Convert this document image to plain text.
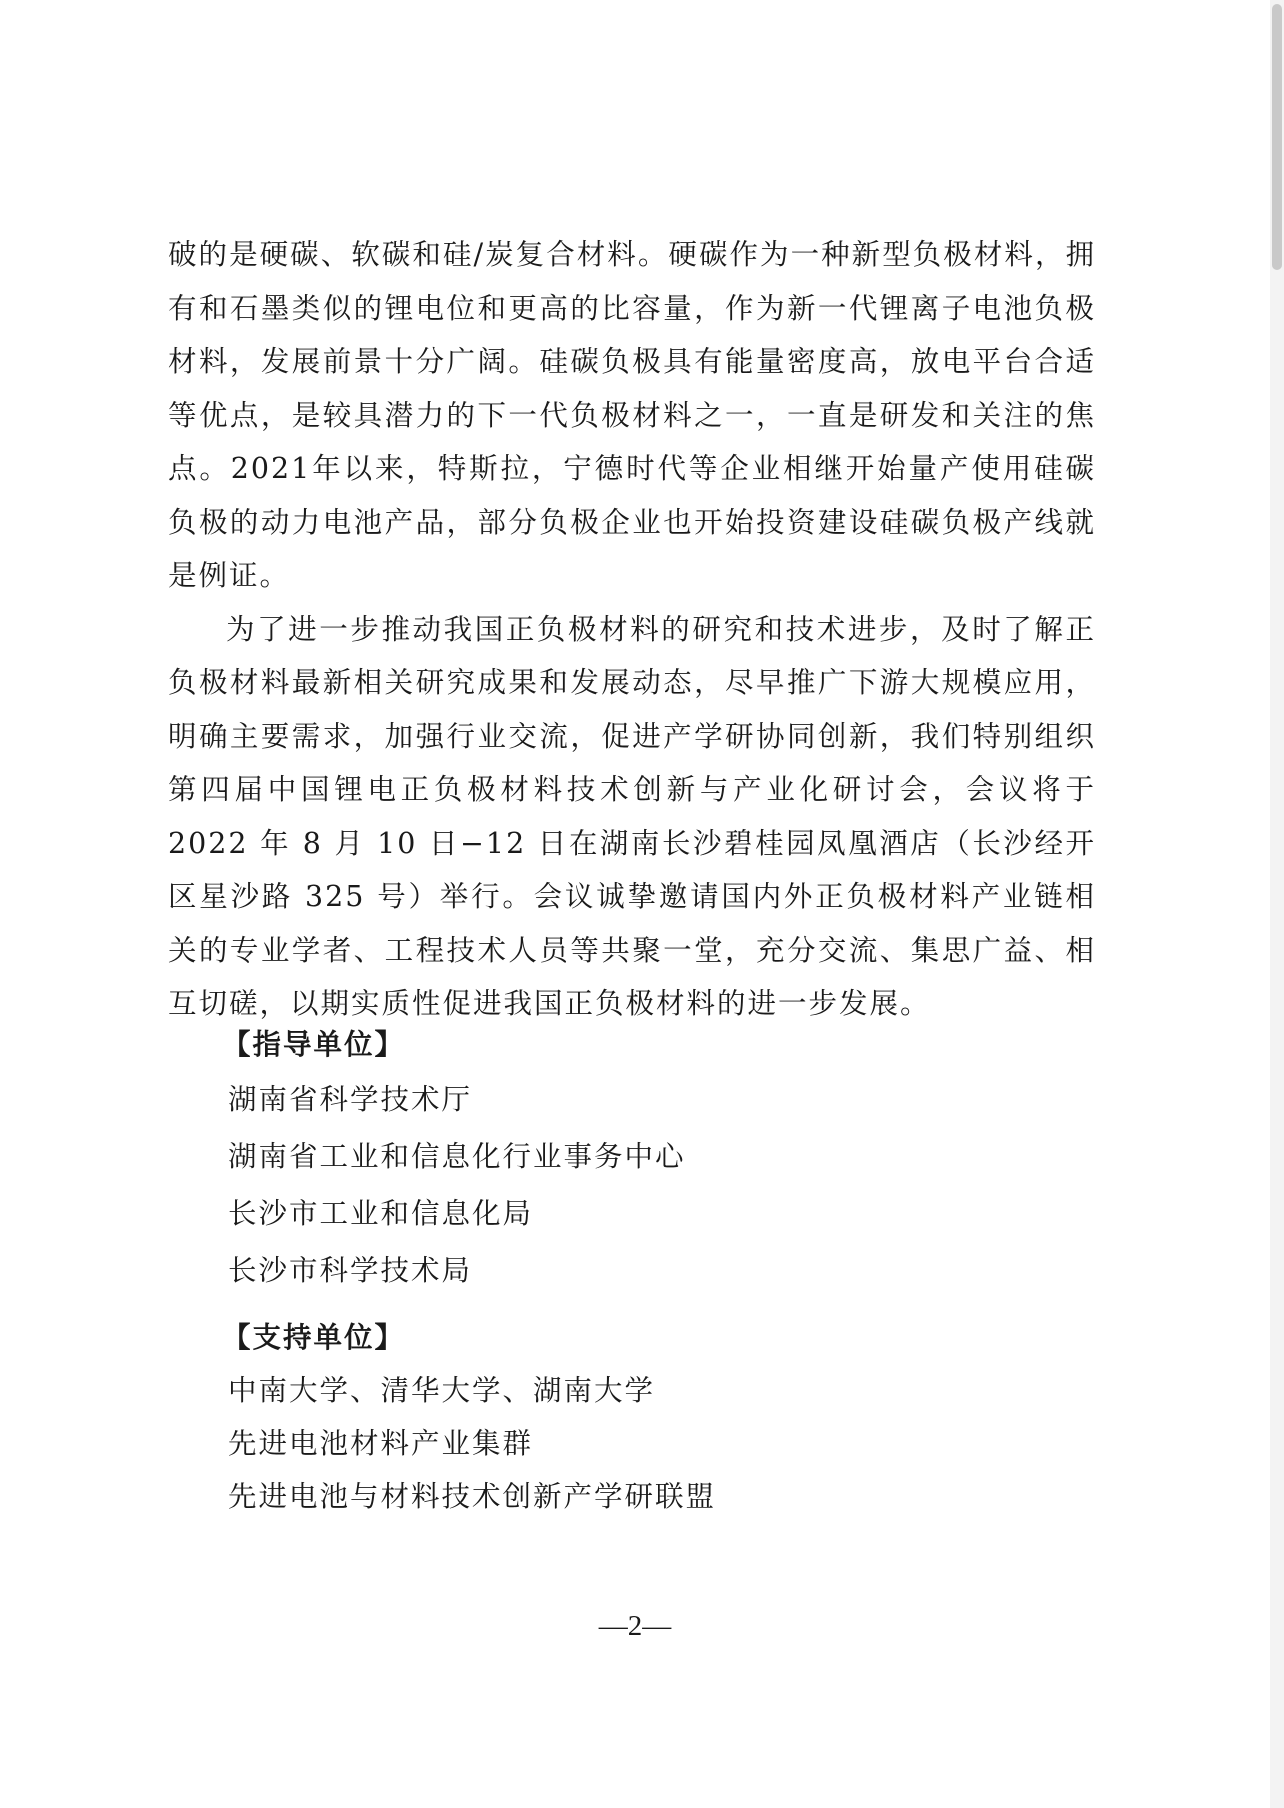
破的是硬碳、软碳和硅/炭复合材料。硬碳作为一种新型负极材料，拥有和石墨类似的锂电位和更高的比容量，作为新一代锂离子电池负极材料，发展前景十分广阔。硅碳负极具有能量密度高，放电平台合适等优点，是较具潜力的下一代负极材料之一，一直是研发和关注的焦点。2021年以来，特斯拉，宁德时代等企业相继开始量产使用硅碳负极的动力电池产品，部分负极企业也开始投资建设硅碳负极产线就是例证。

为了进一步推动我国正负极材料的研究和技术进步，及时了解正负极材料最新相关研究成果和发展动态，尽早推广下游大规模应用，明确主要需求，加强行业交流，促进产学研协同创新，我们特别组织第四届中国锂电正负极材料技术创新与产业化研讨会，会议将于 2022 年 8 月 10 日−12 日在湖南长沙碧桂园凤凰酒店（长沙经开区星沙路 325 号）举行。会议诚挚邀请国内外正负极材料产业链相关的专业学者、工程技术人员等共聚一堂，充分交流、集思广益、相互切磋，以期实质性促进我国正负极材料的进一步发展。

【指导单位】
湖南省科学技术厅
湖南省工业和信息化行业事务中心
长沙市工业和信息化局
长沙市科学技术局
【支持单位】
中南大学、清华大学、湖南大学
先进电池材料产业集群
先进电池与材料技术创新产学研联盟
—2—
